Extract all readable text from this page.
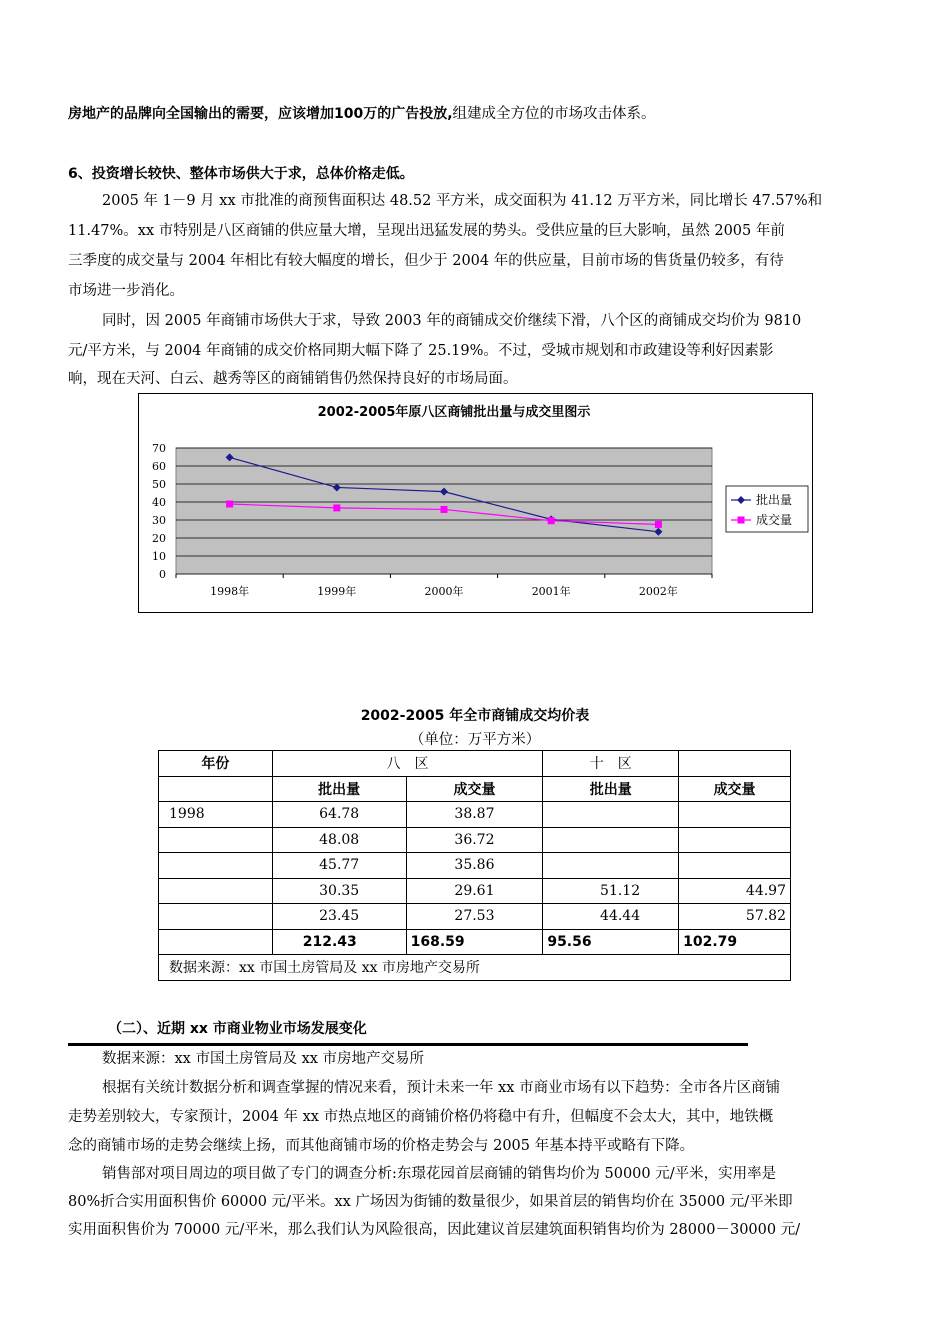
房地产的品牌向全国输出的需要，应该增加100万的广告投放,组建成全方位的市场攻击体系。
6、投资增长较快、整体市场供大于求，总体价格走低。
2005 年 1－9 月 xx 市批准的商预售面积达 48.52 平方米，成交面积为 41.12 万平方米，同比增长 47.57%和
11.47%。xx 市特别是八区商铺的供应量大增，呈现出迅猛发展的势头。受供应量的巨大影响，虽然 2005 年前
三季度的成交量与 2004 年相比有较大幅度的增长，但少于 2004 年的供应量，目前市场的售货量仍较多，有待
市场进一步消化。
同时，因 2005 年商铺市场供大于求，导致 2003 年的商铺成交价继续下滑，八个区的商铺成交均价为 9810
元/平方米，与 2004 年商铺的成交价格同期大幅下降了 25.19%。不过，受城市规划和市政建设等利好因素影
响，现在天河、白云、越秀等区的商铺销售仍然保持良好的市场局面。
2002-2005年原八区商铺批出量与成交里图示
0
10
20
30
40
50
60
70
1998年	1999年	2000年	2001年	2002年
批出量
成交量
2002-2005 年全市商铺成交均价表
（单位：万平方米）
年份	八　区		十　区	
	批出量	成交量	批出量	成交量
1998	64.78	38.87		
	48.08	36.72		
	45.77	35.86		
	30.35	29.61	51.12	44.97
	23.45	27.53	44.44	57.82
	212.43	168.59	95.56	102.79
数据来源：xx 市国土房管局及 xx 市房地产交易所				
（二）、近期 xx 市商业物业市场发展变化
数据来源：xx 市国土房管局及 xx 市房地产交易所
根据有关统计数据分析和调查掌握的情况来看，预计未来一年 xx 市商业市场有以下趋势：全市各片区商铺
走势差别较大，专家预计，2004 年 xx 市热点地区的商铺价格仍将稳中有升，但幅度不会太大，其中，地铁概
念的商铺市场的走势会继续上扬，而其他商铺市场的价格走势会与 2005 年基本持平或略有下降。
销售部对项目周边的项目做了专门的调查分析:东璟花园首层商铺的销售均价为 50000 元/平米，实用率是
80%折合实用面积售价 60000 元/平米。xx 广场因为街铺的数量很少，如果首层的销售均价在 35000 元/平米即
实用面积售价为 70000 元/平米，那么我们认为风险很高，因此建议首层建筑面积销售均价为 28000－30000 元/
